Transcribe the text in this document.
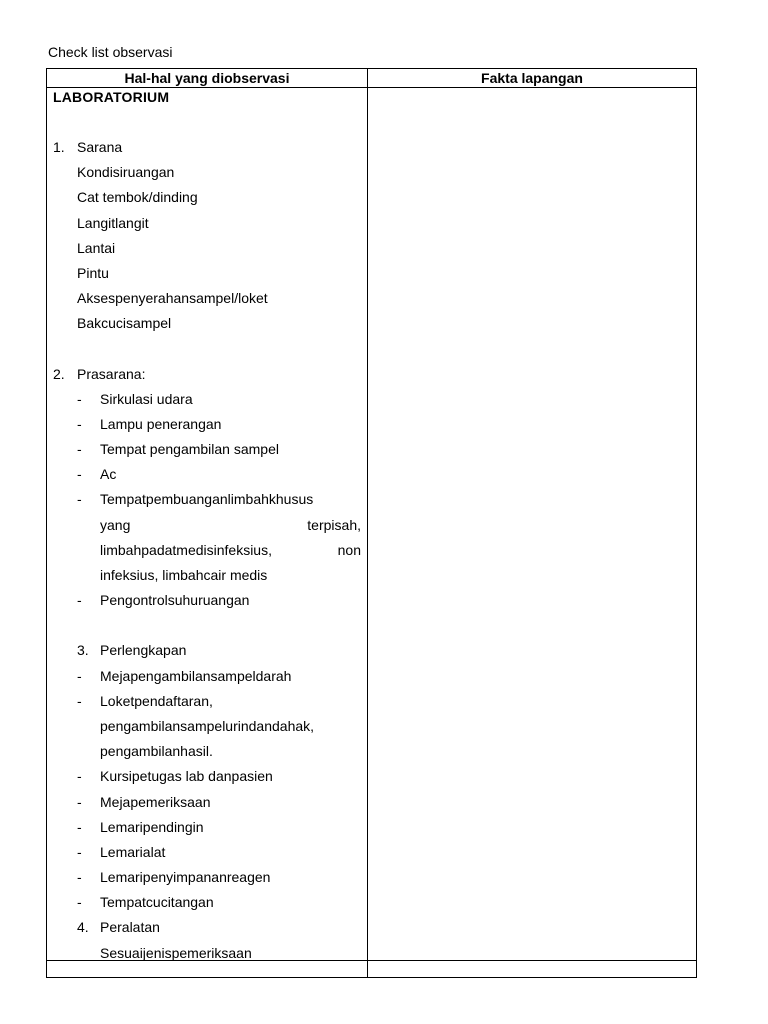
Check list observasi
Hal-hal yang diobservasi	Fakta lapangan
LABORATORIUM
1. Sarana
Kondisiruangan
Cat tembok/dinding
Langitlangit
Lantai
Pintu
Aksespenyerahansampel/loket
Bakcucisampel
2. Prasarana:
- Sirkulasi udara
- Lampu penerangan
- Tempat pengambilan sampel
- Ac
- Tempatpembuanganlimbahkhusus
yang	terpisah,
limbahpadatmedisinfeksius,	non
infeksius, limbahcair medis
- Pengontrolsuhuruangan
3. Perlengkapan
- Mejapengambilansampeldarah
- Loketpendaftaran,
pengambilansampelurindandahak,
pengambilanhasil.
- Kursipetugas lab danpasien
- Mejapemeriksaan
- Lemaripendingin
- Lemarialat
- Lemaripenyimpananreagen
- Tempatcucitangan
4. Peralatan
Sesuaijenispemeriksaan
